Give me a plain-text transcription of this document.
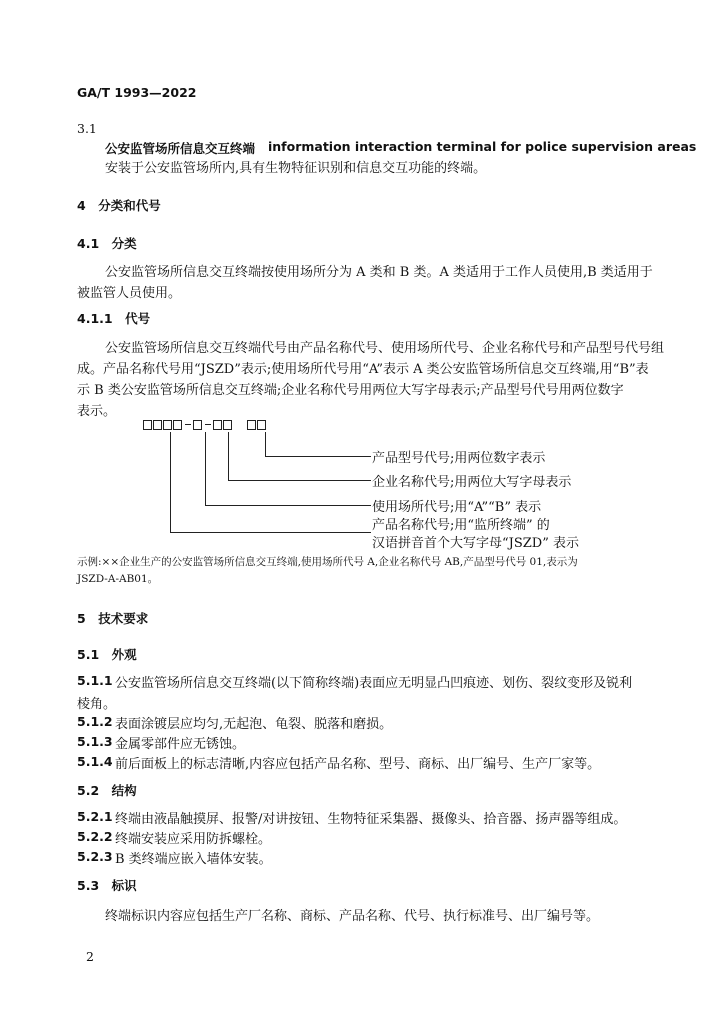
GA/T 1993—2022
3.1
公安监管场所信息交互终端 information interaction terminal for police supervision areas
安装于公安监管场所内,具有生物特征识别和信息交互功能的终端。
4　分类和代号
4.1　分类
公安监管场所信息交互终端按使用场所分为 A 类和 B 类。A 类适用于工作人员使用,B 类适用于
被监管人员使用。
4.1.1　代号
公安监管场所信息交互终端代号由产品名称代号、使用场所代号、企业名称代号和产品型号代号组
成。产品名称代号用“JSZD”表示;使用场所代号用“A”表示 A 类公安监管场所信息交互终端,用“B”表
示 B 类公安监管场所信息交互终端;企业名称代号用两位大写字母表示;产品型号代号用两位数字
表示。
产品型号代号;用两位数字表示
企业名称代号;用两位大写字母表示
使用场所代号;用“A”“B” 表示
产品名称代号;用“监所终端” 的
汉语拼音首个大写字母“JSZD” 表示
示例:××企业生产的公安监管场所信息交互终端,使用场所代号 A,企业名称代号 AB,产品型号代号 01,表示为
JSZD-A-AB01。
5　技术要求
5.1　外观
5.1.1 公安监管场所信息交互终端(以下简称终端)表面应无明显凸凹痕迹、划伤、裂纹变形及锐利
棱角。
5.1.2 表面涂镀层应均匀,无起泡、龟裂、脱落和磨损。
5.1.3 金属零部件应无锈蚀。
5.1.4 前后面板上的标志清晰,内容应包括产品名称、型号、商标、出厂编号、生产厂家等。
5.2　结构
5.2.1 终端由液晶触摸屏、报警/对讲按钮、生物特征采集器、摄像头、拾音器、扬声器等组成。
5.2.2 终端安装应采用防拆螺栓。
5.2.3 B 类终端应嵌入墙体安装。
5.3　标识
终端标识内容应包括生产厂名称、商标、产品名称、代号、执行标准号、出厂编号等。
2
